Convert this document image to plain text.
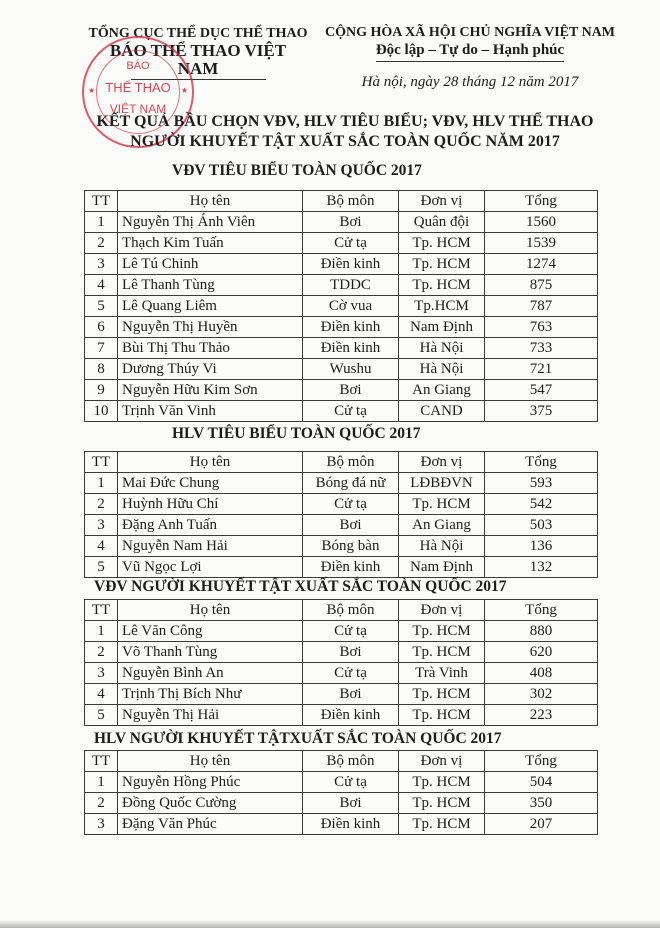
TỔNG CỤC THỂ DỤC THỂ THAO
BÁO THỂ THAO VIỆT NAM
★	★
BÁO
THỂ THAO
VIỆT NAM
CỘNG HÒA XÃ HỘI CHỦ NGHĨA VIỆT NAM
Độc lập – Tự do – Hạnh phúc
Hà nội, ngày 28 tháng 12 năm 2017
KẾT QUẢ BẦU CHỌN VĐV, HLV TIÊU BIỂU; VĐV, HLV THỂ THAO
NGƯỜI KHUYẾT TẬT XUẤT SẮC TOÀN QUỐC NĂM 2017
VĐV TIÊU BIỂU TOÀN QUỐC 2017
TT	Họ tên	Bộ môn	Đơn vị	Tổng
1	Nguyễn Thị Ánh Viên	Bơi	Quân đội	1560
2	Thạch Kim Tuấn	Cử tạ	Tp. HCM	1539
3	Lê Tú Chinh	Điền kinh	Tp. HCM	1274
4	Lê Thanh Tùng	TDDC	Tp. HCM	875
5	Lê Quang Liêm	Cờ vua	Tp.HCM	787
6	Nguyễn Thị Huyền	Điền kinh	Nam Định	763
7	Bùi Thị Thu Thảo	Điền kinh	Hà Nội	733
8	Dương Thúy Vi	Wushu	Hà Nội	721
9	Nguyễn Hữu Kim Sơn	Bơi	An Giang	547
10	Trịnh Văn Vinh	Cử tạ	CAND	375
HLV TIÊU BIỂU TOÀN QUỐC 2017
TT	Họ tên	Bộ môn	Đơn vị	Tổng
1	Mai Đức Chung	Bóng đá nữ	LĐBĐVN	593
2	Huỳnh Hữu Chí	Cử tạ	Tp. HCM	542
3	Đặng Anh Tuấn	Bơi	An Giang	503
4	Nguyễn Nam Hải	Bóng bàn	Hà Nội	136
5	Vũ Ngọc Lợi	Điền kinh	Nam Định	132
VĐV NGƯỜI KHUYẾT TẬT XUẤT SẮC TOÀN QUỐC 2017
TT	Họ tên	Bộ môn	Đơn vị	Tổng
1	Lê Văn Công	Cử tạ	Tp. HCM	880
2	Võ Thanh Tùng	Bơi	Tp. HCM	620
3	Nguyễn Bình An	Cử tạ	Trà Vinh	408
4	Trịnh Thị Bích Như	Bơi	Tp. HCM	302
5	Nguyễn Thị Hải	Điền kinh	Tp. HCM	223
HLV NGƯỜI KHUYẾT TẬTXUẤT SẮC TOÀN QUỐC 2017
TT	Họ tên	Bộ môn	Đơn vị	Tổng
1	Nguyễn Hồng Phúc	Cử tạ	Tp. HCM	504
2	Đồng Quốc Cường	Bơi	Tp. HCM	350
3	Đặng Văn Phúc	Điền kinh	Tp. HCM	207
